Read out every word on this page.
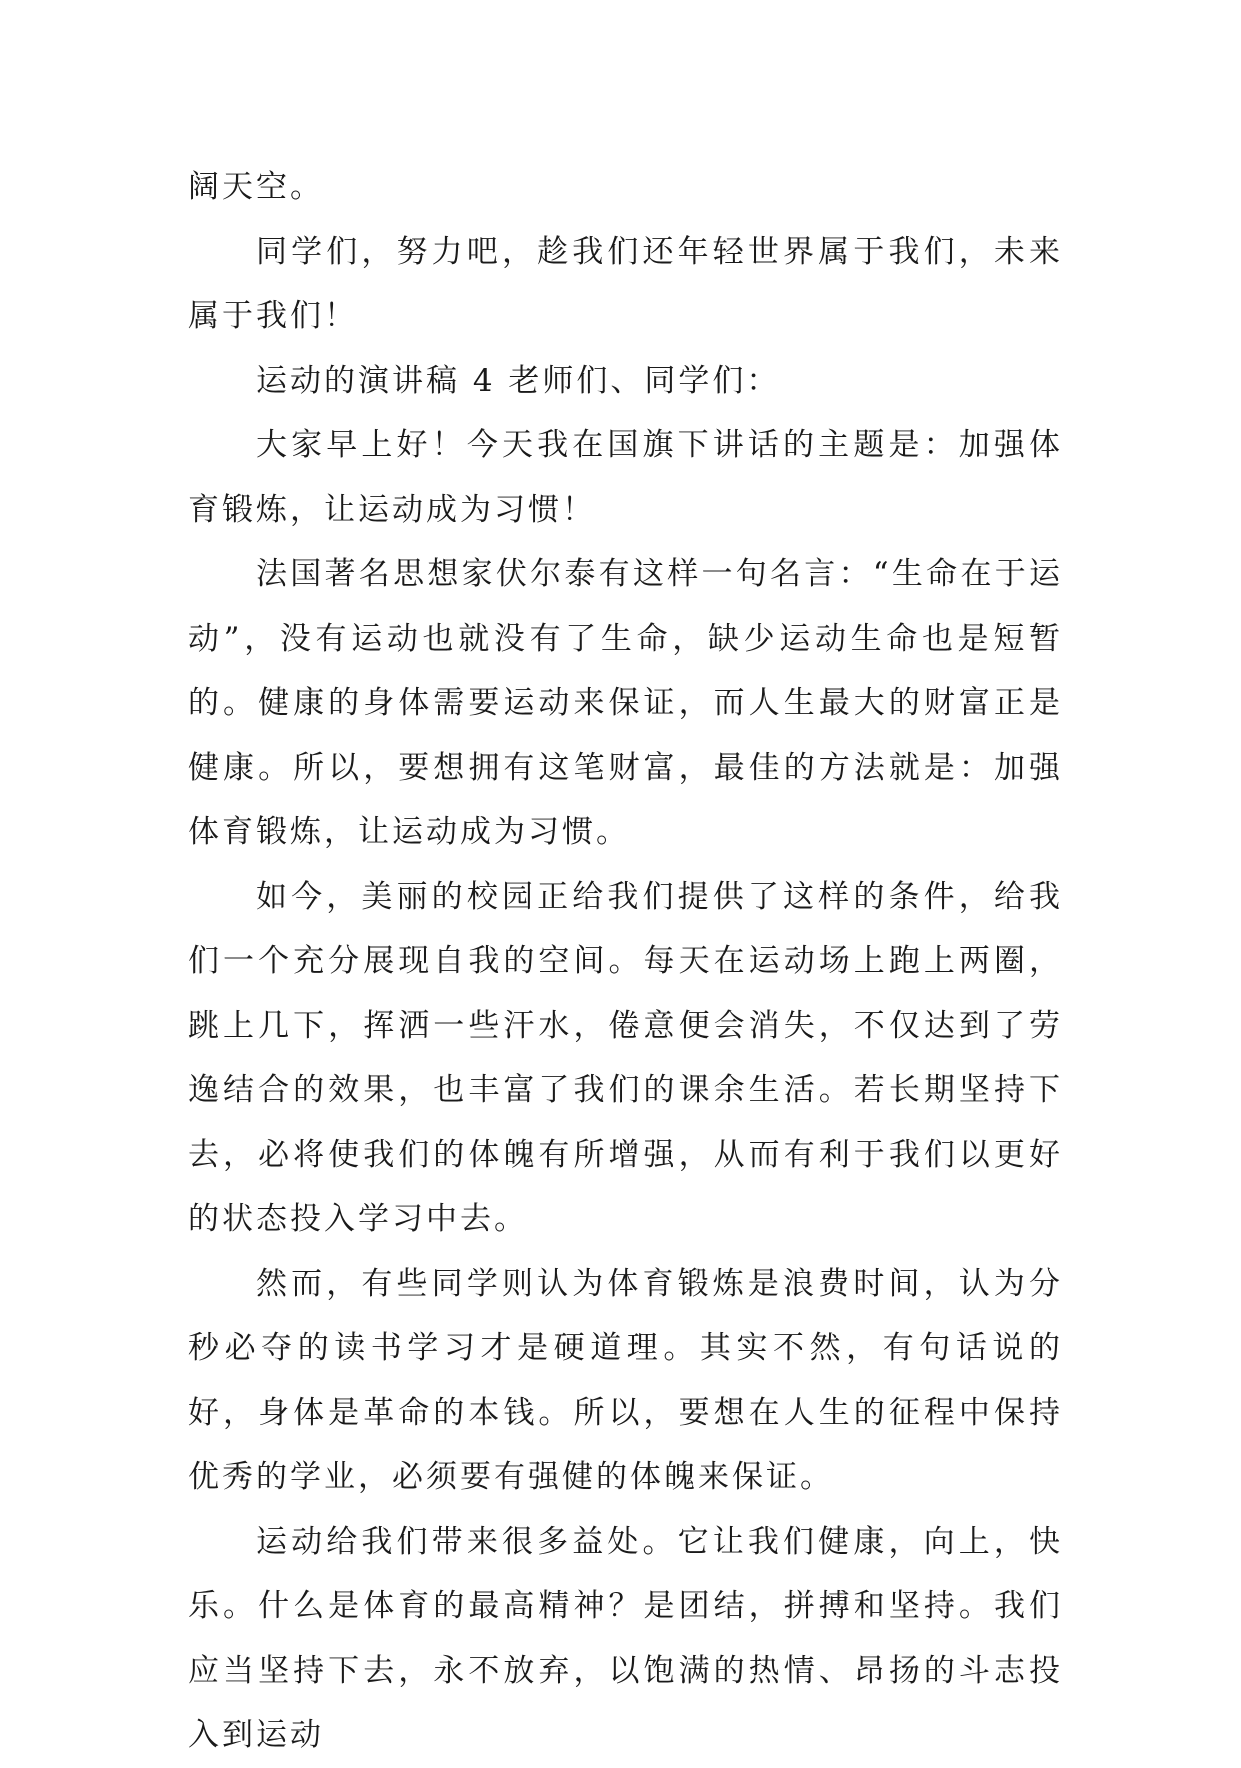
阔天空。

同学们，努力吧，趁我们还年轻世界属于我们，未来属于我们！

运动的演讲稿 4 老师们、同学们：

大家早上好！今天我在国旗下讲话的主题是：加强体育锻炼，让运动成为习惯！

法国著名思想家伏尔泰有这样一句名言：“生命在于运动”，没有运动也就没有了生命，缺少运动生命也是短暂的。健康的身体需要运动来保证，而人生最大的财富正是健康。所以，要想拥有这笔财富，最佳的方法就是：加强体育锻炼，让运动成为习惯。

如今，美丽的校园正给我们提供了这样的条件，给我们一个充分展现自我的空间。每天在运动场上跑上两圈，跳上几下，挥洒一些汗水，倦意便会消失，不仅达到了劳逸结合的效果，也丰富了我们的课余生活。若长期坚持下去，必将使我们的体魄有所增强，从而有利于我们以更好的状态投入学习中去。

然而，有些同学则认为体育锻炼是浪费时间，认为分秒必夺的读书学习才是硬道理。其实不然，有句话说的好，身体是革命的本钱。所以，要想在人生的征程中保持优秀的学业，必须要有强健的体魄来保证。

运动给我们带来很多益处。它让我们健康，向上，快乐。什么是体育的最高精神？是团结，拼搏和坚持。我们应当坚持下去，永不放弃，以饱满的热情、昂扬的斗志投入到运动
